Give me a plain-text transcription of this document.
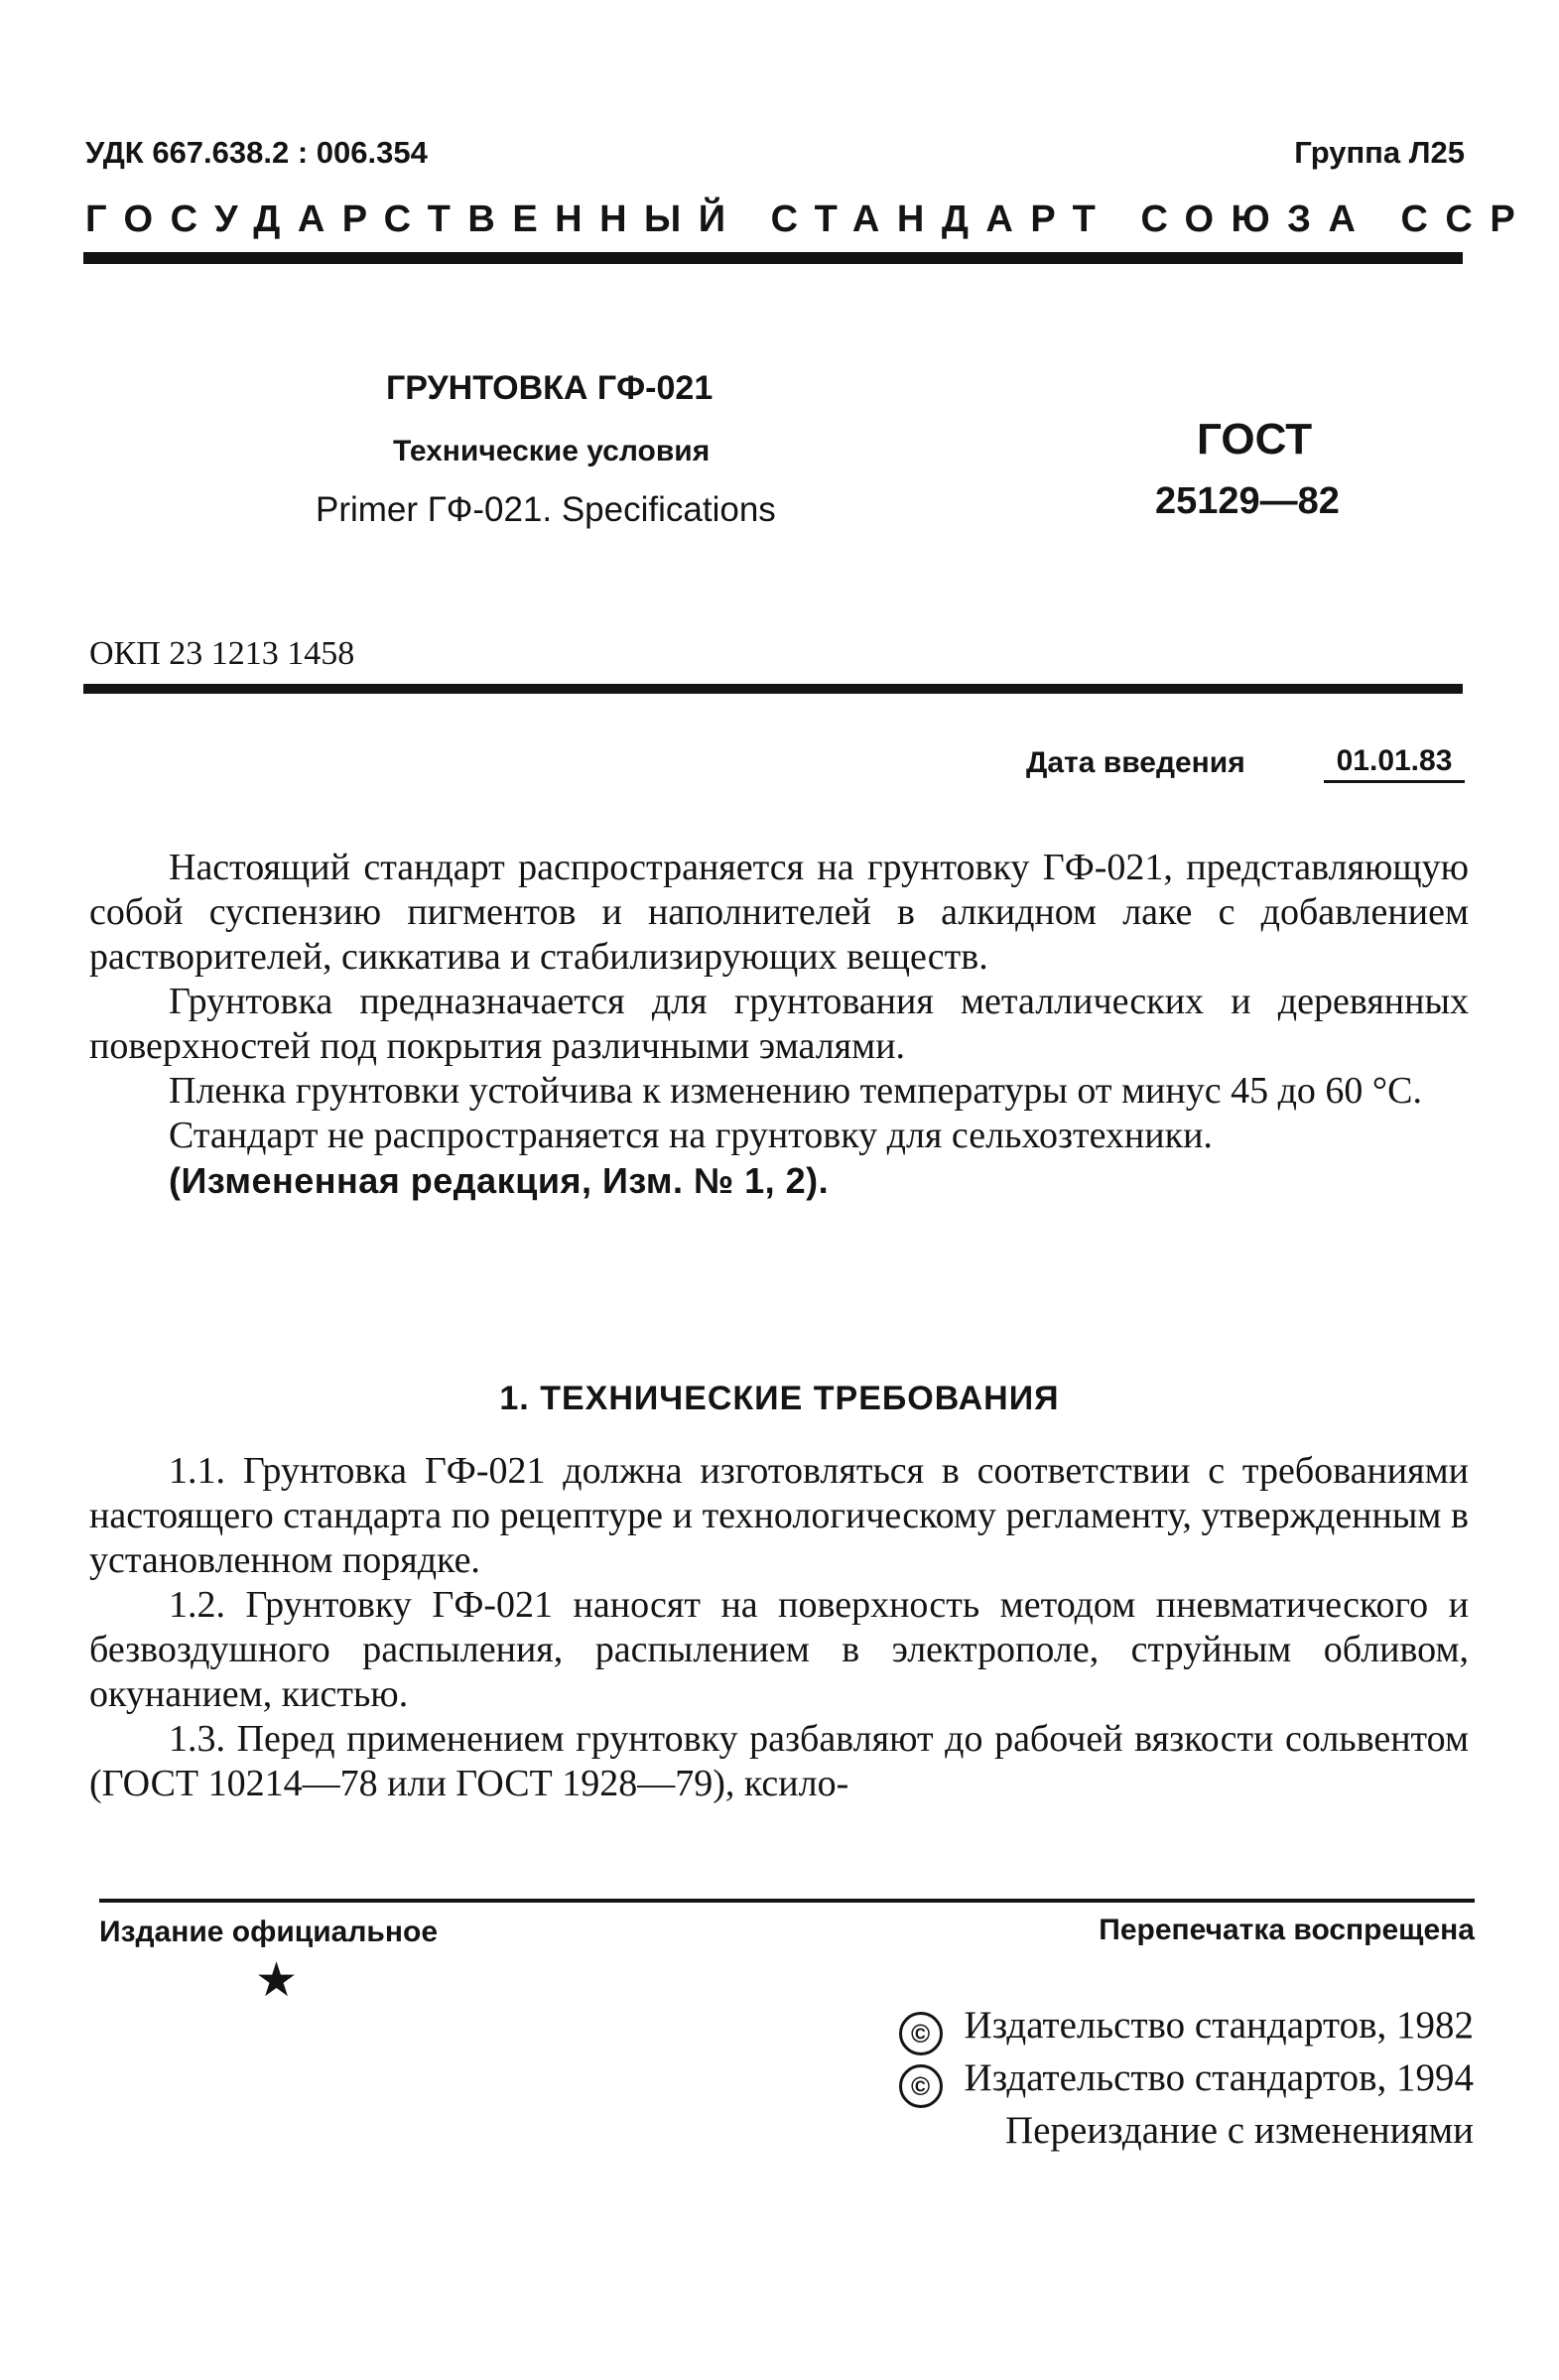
УДК 667.638.2 : 006.354	Группа Л25
ГОСУДАРСТВЕННЫЙ СТАНДАРТ СОЮЗА ССР
ГРУНТОВКА ГФ-021
Технические условия
Primer ГФ-021. Specifications
ГОСТ
25129—82
ОКП 23 1213 1458
Дата введения	01.01.83

Настоящий стандарт распространяется на грунтовку ГФ-021, представляющую собой суспензию пигментов и наполнителей в алкидном лаке с добавлением растворителей, сиккатива и стабилизирующих веществ.

Грунтовка предназначается для грунтования металлических и деревянных поверхностей под покрытия различными эмалями.

Пленка грунтовки устойчива к изменению температуры от минус 45 до 60 °С.

Стандарт не распространяется на грунтовку для сельхозтехники.

(Измененная редакция, Изм. № 1, 2).

1. ТЕХНИЧЕСКИЕ ТРЕБОВАНИЯ

1.1. Грунтовка ГФ-021 должна изготовляться в соответствии с требованиями настоящего стандарта по рецептуре и технологическому регламенту, утвержденным в установленном порядке.

1.2. Грунтовку ГФ-021 наносят на поверхность методом пневматического и безвоздушного распыления, распылением в электрополе, струйным обливом, окунанием, кистью.

1.3. Перед применением грунтовку разбавляют до рабочей вязкости сольвентом (ГОСТ 10214—78 или ГОСТ 1928—79), ксило-

Издание официальное	Перепечатка воспрещена
★
© Издательство стандартов, 1982
© Издательство стандартов, 1994
Переиздание с изменениями
